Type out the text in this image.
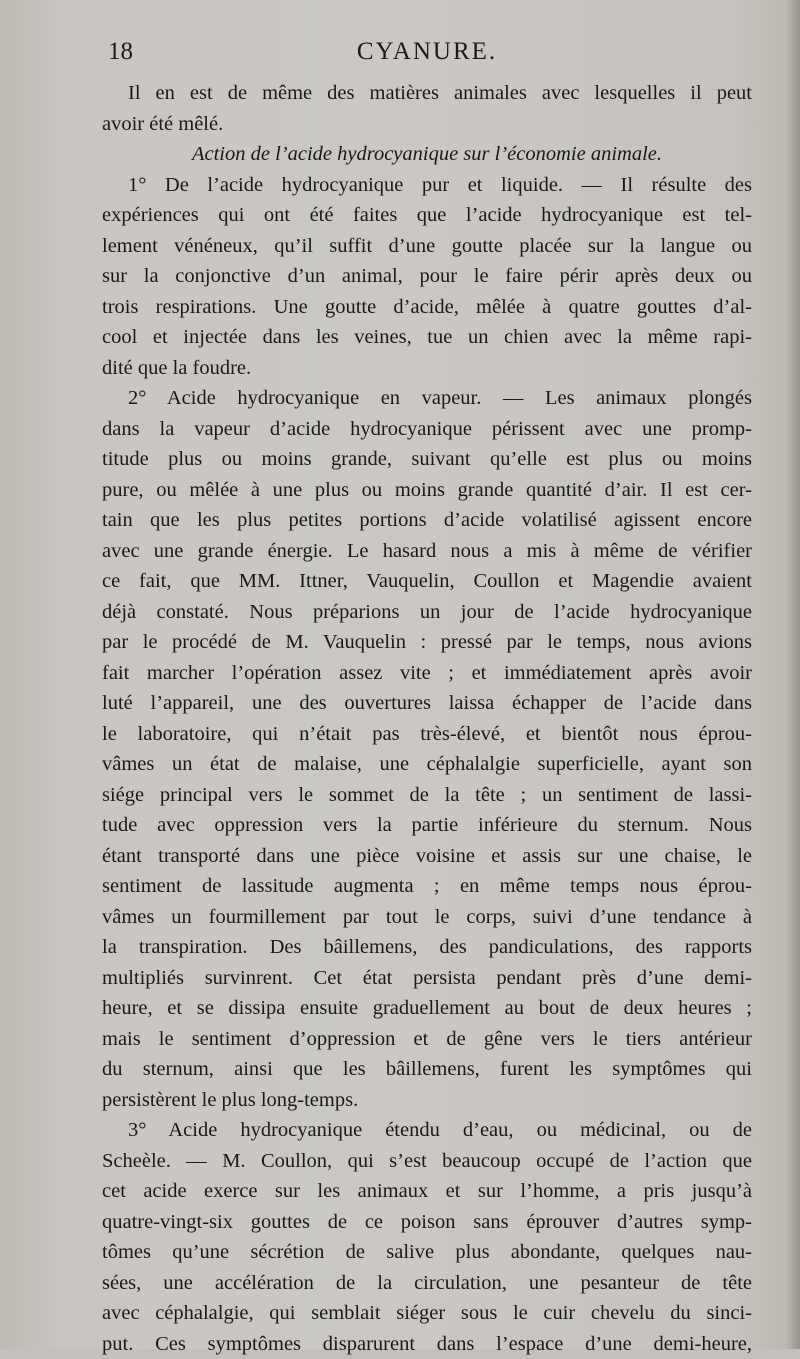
18	CYANURE.
Il en est de même des matières animales avec lesquelles il peut
avoir été mêlé.
Action de l’acide hydrocyanique sur l’économie animale.
1° De l’acide hydrocyanique pur et liquide. — Il résulte des
expériences qui ont été faites que l’acide hydrocyanique est tel-
lement vénéneux, qu’il suffit d’une goutte placée sur la langue ou
sur la conjonctive d’un animal, pour le faire périr après deux ou
trois respirations. Une goutte d’acide, mêlée à quatre gouttes d’al-
cool et injectée dans les veines, tue un chien avec la même rapi-
dité que la foudre.
2° Acide hydrocyanique en vapeur. — Les animaux plongés
dans la vapeur d’acide hydrocyanique périssent avec une promp-
titude plus ou moins grande, suivant qu’elle est plus ou moins
pure, ou mêlée à une plus ou moins grande quantité d’air. Il est cer-
tain que les plus petites portions d’acide volatilisé agissent encore
avec une grande énergie. Le hasard nous a mis à même de vérifier
ce fait, que MM. Ittner, Vauquelin, Coullon et Magendie avaient
déjà constaté. Nous préparions un jour de l’acide hydrocyanique
par le procédé de M. Vauquelin : pressé par le temps, nous avions
fait marcher l’opération assez vite ; et immédiatement après avoir
luté l’appareil, une des ouvertures laissa échapper de l’acide dans
le laboratoire, qui n’était pas très-élevé, et bientôt nous éprou-
vâmes un état de malaise, une céphalalgie superficielle, ayant son
siége principal vers le sommet de la tête ; un sentiment de lassi-
tude avec oppression vers la partie inférieure du sternum. Nous
étant transporté dans une pièce voisine et assis sur une chaise, le
sentiment de lassitude augmenta ; en même temps nous éprou-
vâmes un fourmillement par tout le corps, suivi d’une tendance à
la transpiration. Des bâillemens, des pandiculations, des rapports
multipliés survinrent. Cet état persista pendant près d’une demi-
heure, et se dissipa ensuite graduellement au bout de deux heures ;
mais le sentiment d’oppression et de gêne vers le tiers antérieur
du sternum, ainsi que les bâillemens, furent les symptômes qui
persistèrent le plus long-temps.
3° Acide hydrocyanique étendu d’eau, ou médicinal, ou de
Scheèle. — M. Coullon, qui s’est beaucoup occupé de l’action que
cet acide exerce sur les animaux et sur l’homme, a pris jusqu’à
quatre-vingt-six gouttes de ce poison sans éprouver d’autres symp-
tômes qu’une sécrétion de salive plus abondante, quelques nau-
sées, une accélération de la circulation, une pesanteur de tête
avec céphalalgie, qui semblait siéger sous le cuir chevelu du sinci-
put. Ces symptômes disparurent dans l’espace d’une demi-heure,
